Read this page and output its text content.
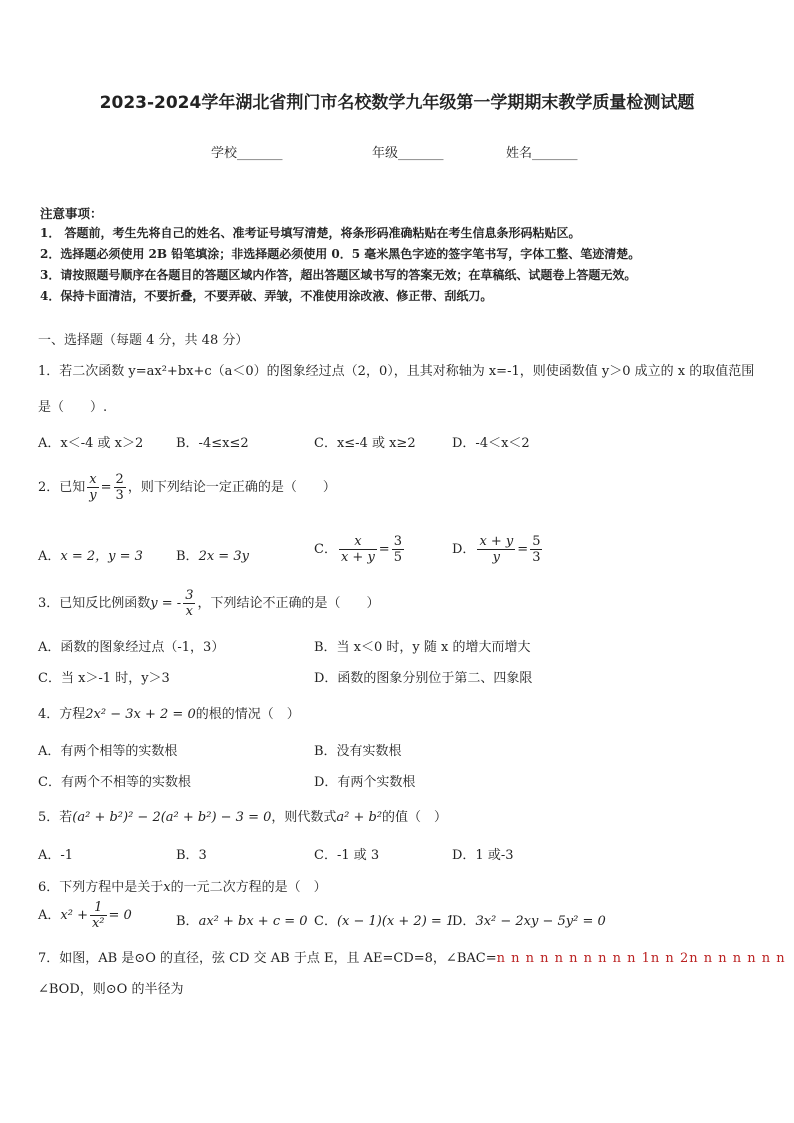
2023-2024学年湖北省荆门市名校数学九年级第一学期期末教学质量检测试题
学校_______	年级_______	姓名_______
注意事项：
1． 答题前，考生先将自己的姓名、准考证号填写清楚，将条形码准确粘贴在考生信息条形码粘贴区。
2．选择题必须使用 2B 铅笔填涂；非选择题必须使用 0．5 毫米黑色字迹的签字笔书写，字体工整、笔迹清楚。
3．请按照题号顺序在各题目的答题区域内作答，超出答题区域书写的答案无效；在草稿纸、试题卷上答题无效。
4．保持卡面清洁，不要折叠，不要弄破、弄皱，不准使用涂改液、修正带、刮纸刀。
一、选择题（每题 4 分，共 48 分）
1．若二次函数 y=ax²+bx+c（a＜0）的图象经过点（2，0），且其对称轴为 x=-1，则使函数值 y＞0 成立的 x 的取值范围
是（　　）.
A．x＜-4 或 x＞2	B．-4≤x≤2	C．x≤-4 或 x≥2	D．-4＜x＜2
2．已知 $\frac{x}{y} = \frac{2}{3}$ ，则下列结论一定正确的是（　　）
A．x = 2，y = 3	B．2x = 3y	C． $\frac{x}{x + y} = \frac{3}{5}$	D． $\frac{x + y}{y} = \frac{5}{3}$
3．已知反比例函数y = - $\frac{3}{x}$ ，下列结论不正确的是（　　）
A．函数的图象经过点（-1，3）	B．当 x＜0 时，y 随 x 的增大而增大
C．当 x＞-1 时，y＞3	D．函数的图象分别位于第二、四象限
4．方程2x² − 3x + 2 = 0的根的情况（　）
A．有两个相等的实数根	B．没有实数根
C．有两个不相等的实数根	D．有两个实数根
5．若(a² + b²)² − 2(a² + b²) − 3 = 0，则代数式a² + b²的值（　）
A．-1	B．3	C．-1 或 3	D．1 或-3
6．下列方程中是关于x的一元二次方程的是（　）
A．$x^2 + \frac{1}{\text{x²}} = 0$	B．ax² + bx + c = 0 C．(x − 1)(x + 2) = 1
D．3x² − 2xy − 5y² = 0
7．如图，AB 是⊙O 的直径，弦 CD 交 AB 于点 E，且 AE=CD=8，∠BAC=n n n n n n n n n n 1n n 2n n n n n n n
∠BOD，则⊙O 的半径为
